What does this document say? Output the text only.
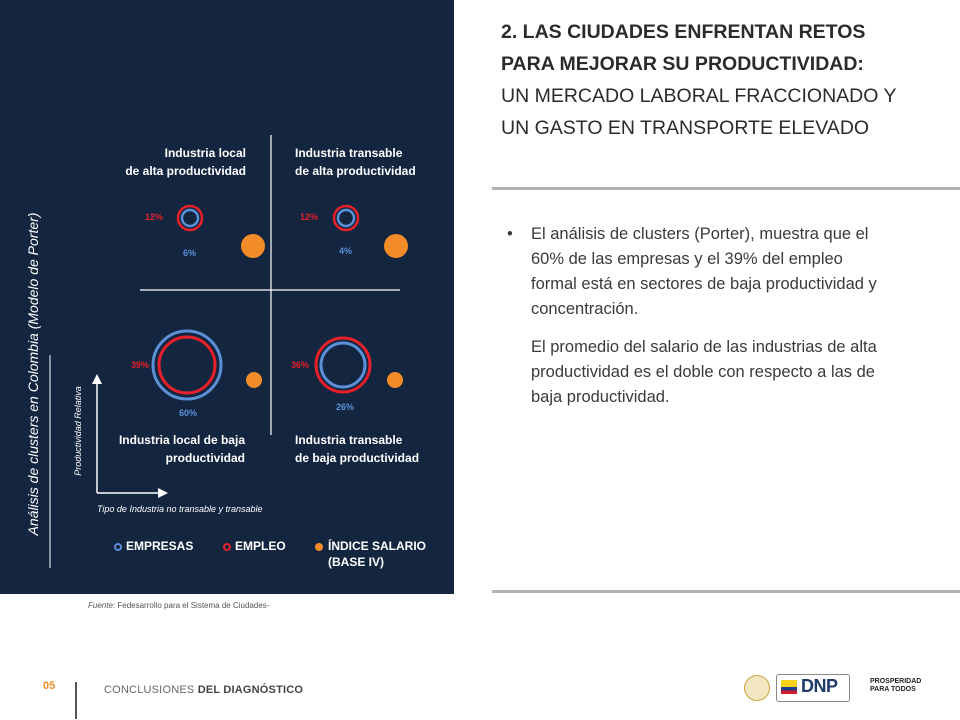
Análisis de clusters en Colombia (Modelo de Porter)
Industria local
de alta productividad
Industria transable
de alta productividad
Industria local de baja
productividad
Industria transable
de baja productividad
12%
6%
12%
4%
39%
60%
36%
26%
Productividad Relativa
Tipo de Industria no transable y transable
EMPRESAS	EMPLEO	ÍNDICE SALARIO
(BASE IV)
Fuente: Fedesarrollo para el Sistema de Ciudades-
2. LAS CIUDADES ENFRENTAN RETOS
PARA MEJORAR SU PRODUCTIVIDAD:
UN MERCADO LABORAL FRACCIONADO Y
UN GASTO EN TRANSPORTE ELEVADO
•	El análisis de clusters (Porter), muestra que el 60% de las empresas y el 39% del empleo formal está en sectores de baja productividad y concentración.
El promedio del salario de las industrias de alta productividad es el doble con respecto a las de baja productividad.
05	CONCLUSIONES DEL DIAGNÓSTICO	DNP	PROSPERIDAD
PARA TODOS
